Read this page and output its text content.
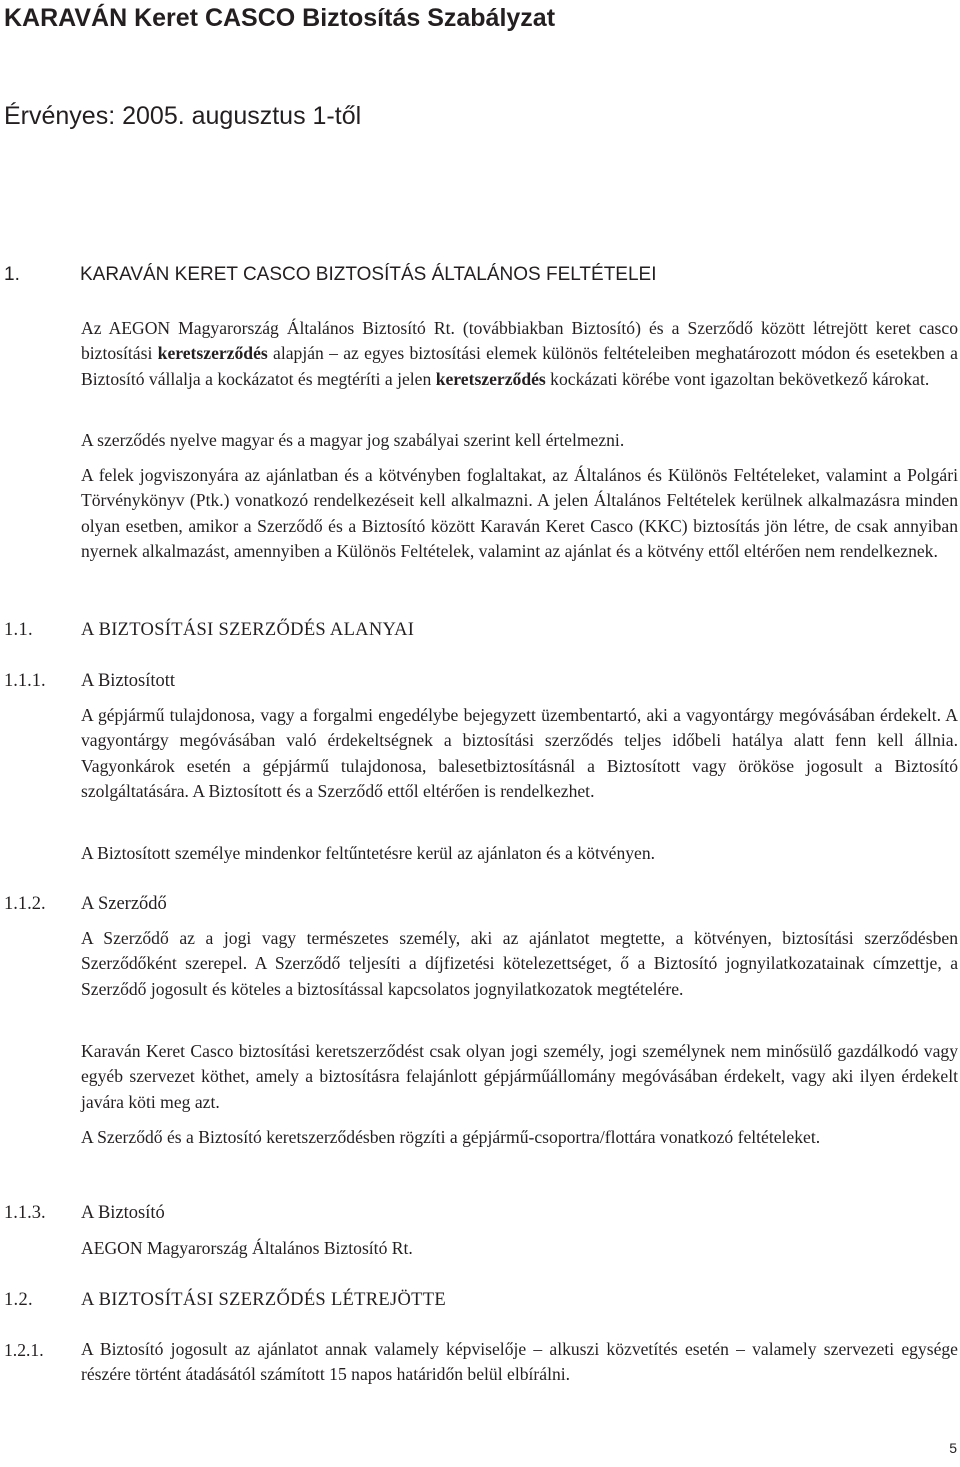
KARAVÁN Keret CASCO Biztosítás Szabályzat
Érvényes: 2005. augusztus 1-től
1.	KARAVÁN KERET CASCO BIZTOSÍTÁS ÁLTALÁNOS FELTÉTELEI

Az AEGON Magyarország Általános Biztosító Rt. (továbbiakban Biztosító) és a Szerződő között létrejött keret casco biztosítási keretszerződés alapján – az egyes biztosítási elemek különös feltételeiben meghatározott módon és esetekben a Biztosító vállalja a kockázatot és megtéríti a jelen keretszerződés kockázati körébe vont igazoltan bekövetkező károkat.

A szerződés nyelve magyar és a magyar jog szabályai szerint kell értelmezni.

A felek jogviszonyára az ajánlatban és a kötvényben foglaltakat, az Általános és Különös Feltételeket, valamint a Polgári Törvénykönyv (Ptk.) vonatkozó rendelkezéseit kell alkalmazni. A jelen Általános Feltételek kerülnek alkalmazásra minden olyan esetben, amikor a Szerződő és a Biztosító között Karaván Keret Casco (KKC) biztosítás jön létre, de csak annyiban nyernek alkalmazást, amennyiben a Különös Feltételek, valamint az ajánlat és a kötvény ettől eltérően nem rendelkeznek.

1.1.	A BIZTOSÍTÁSI SZERZŐDÉS ALANYAI
1.1.1. A Biztosított

A gépjármű tulajdonosa, vagy a forgalmi engedélybe bejegyzett üzembentartó, aki a vagyontárgy megóvásában érdekelt. A vagyontárgy megóvásában való érdekeltségnek a biztosítási szerződés teljes időbeli hatálya alatt fenn kell állnia. Vagyonkárok esetén a gépjármű tulajdonosa, balesetbiztosításnál a Biztosított vagy örököse jogosult a Biztosító szolgáltatására. A Biztosított és a Szerződő ettől eltérően is rendelkezhet.

A Biztosított személye mindenkor feltűntetésre kerül az ajánlaton és a kötvényen.

1.1.2. A Szerződő

A Szerződő az a jogi vagy természetes személy, aki az ajánlatot megtette, a kötvényen, biztosítási szerződésben Szerződőként szerepel. A Szerződő teljesíti a díjfizetési kötelezettséget, ő a Biztosító jognyilatkozatainak címzettje, a Szerződő jogosult és köteles a biztosítással kapcsolatos jognyilatkozatok megtételére.

Karaván Keret Casco biztosítási keretszerződést csak olyan jogi személy, jogi személynek nem minősülő gazdálkodó vagy egyéb szervezet köthet, amely a biztosításra felajánlott gépjárműállomány megóvásában érdekelt, vagy aki ilyen érdekelt javára köti meg azt.

A Szerződő és a Biztosító keretszerződésben rögzíti a gépjármű-csoportra/flottára vonatkozó feltételeket.

1.1.3. A Biztosító

AEGON Magyarország Általános Biztosító Rt.

1.2.	A BIZTOSÍTÁSI SZERZŐDÉS LÉTREJÖTTE
1.2.1. A Biztosító jogosult az ajánlatot annak valamely képviselője – alkuszi közvetítés esetén – valamely szervezeti egysége részére történt átadásától számított 15 napos határidőn belül elbírálni.

5
